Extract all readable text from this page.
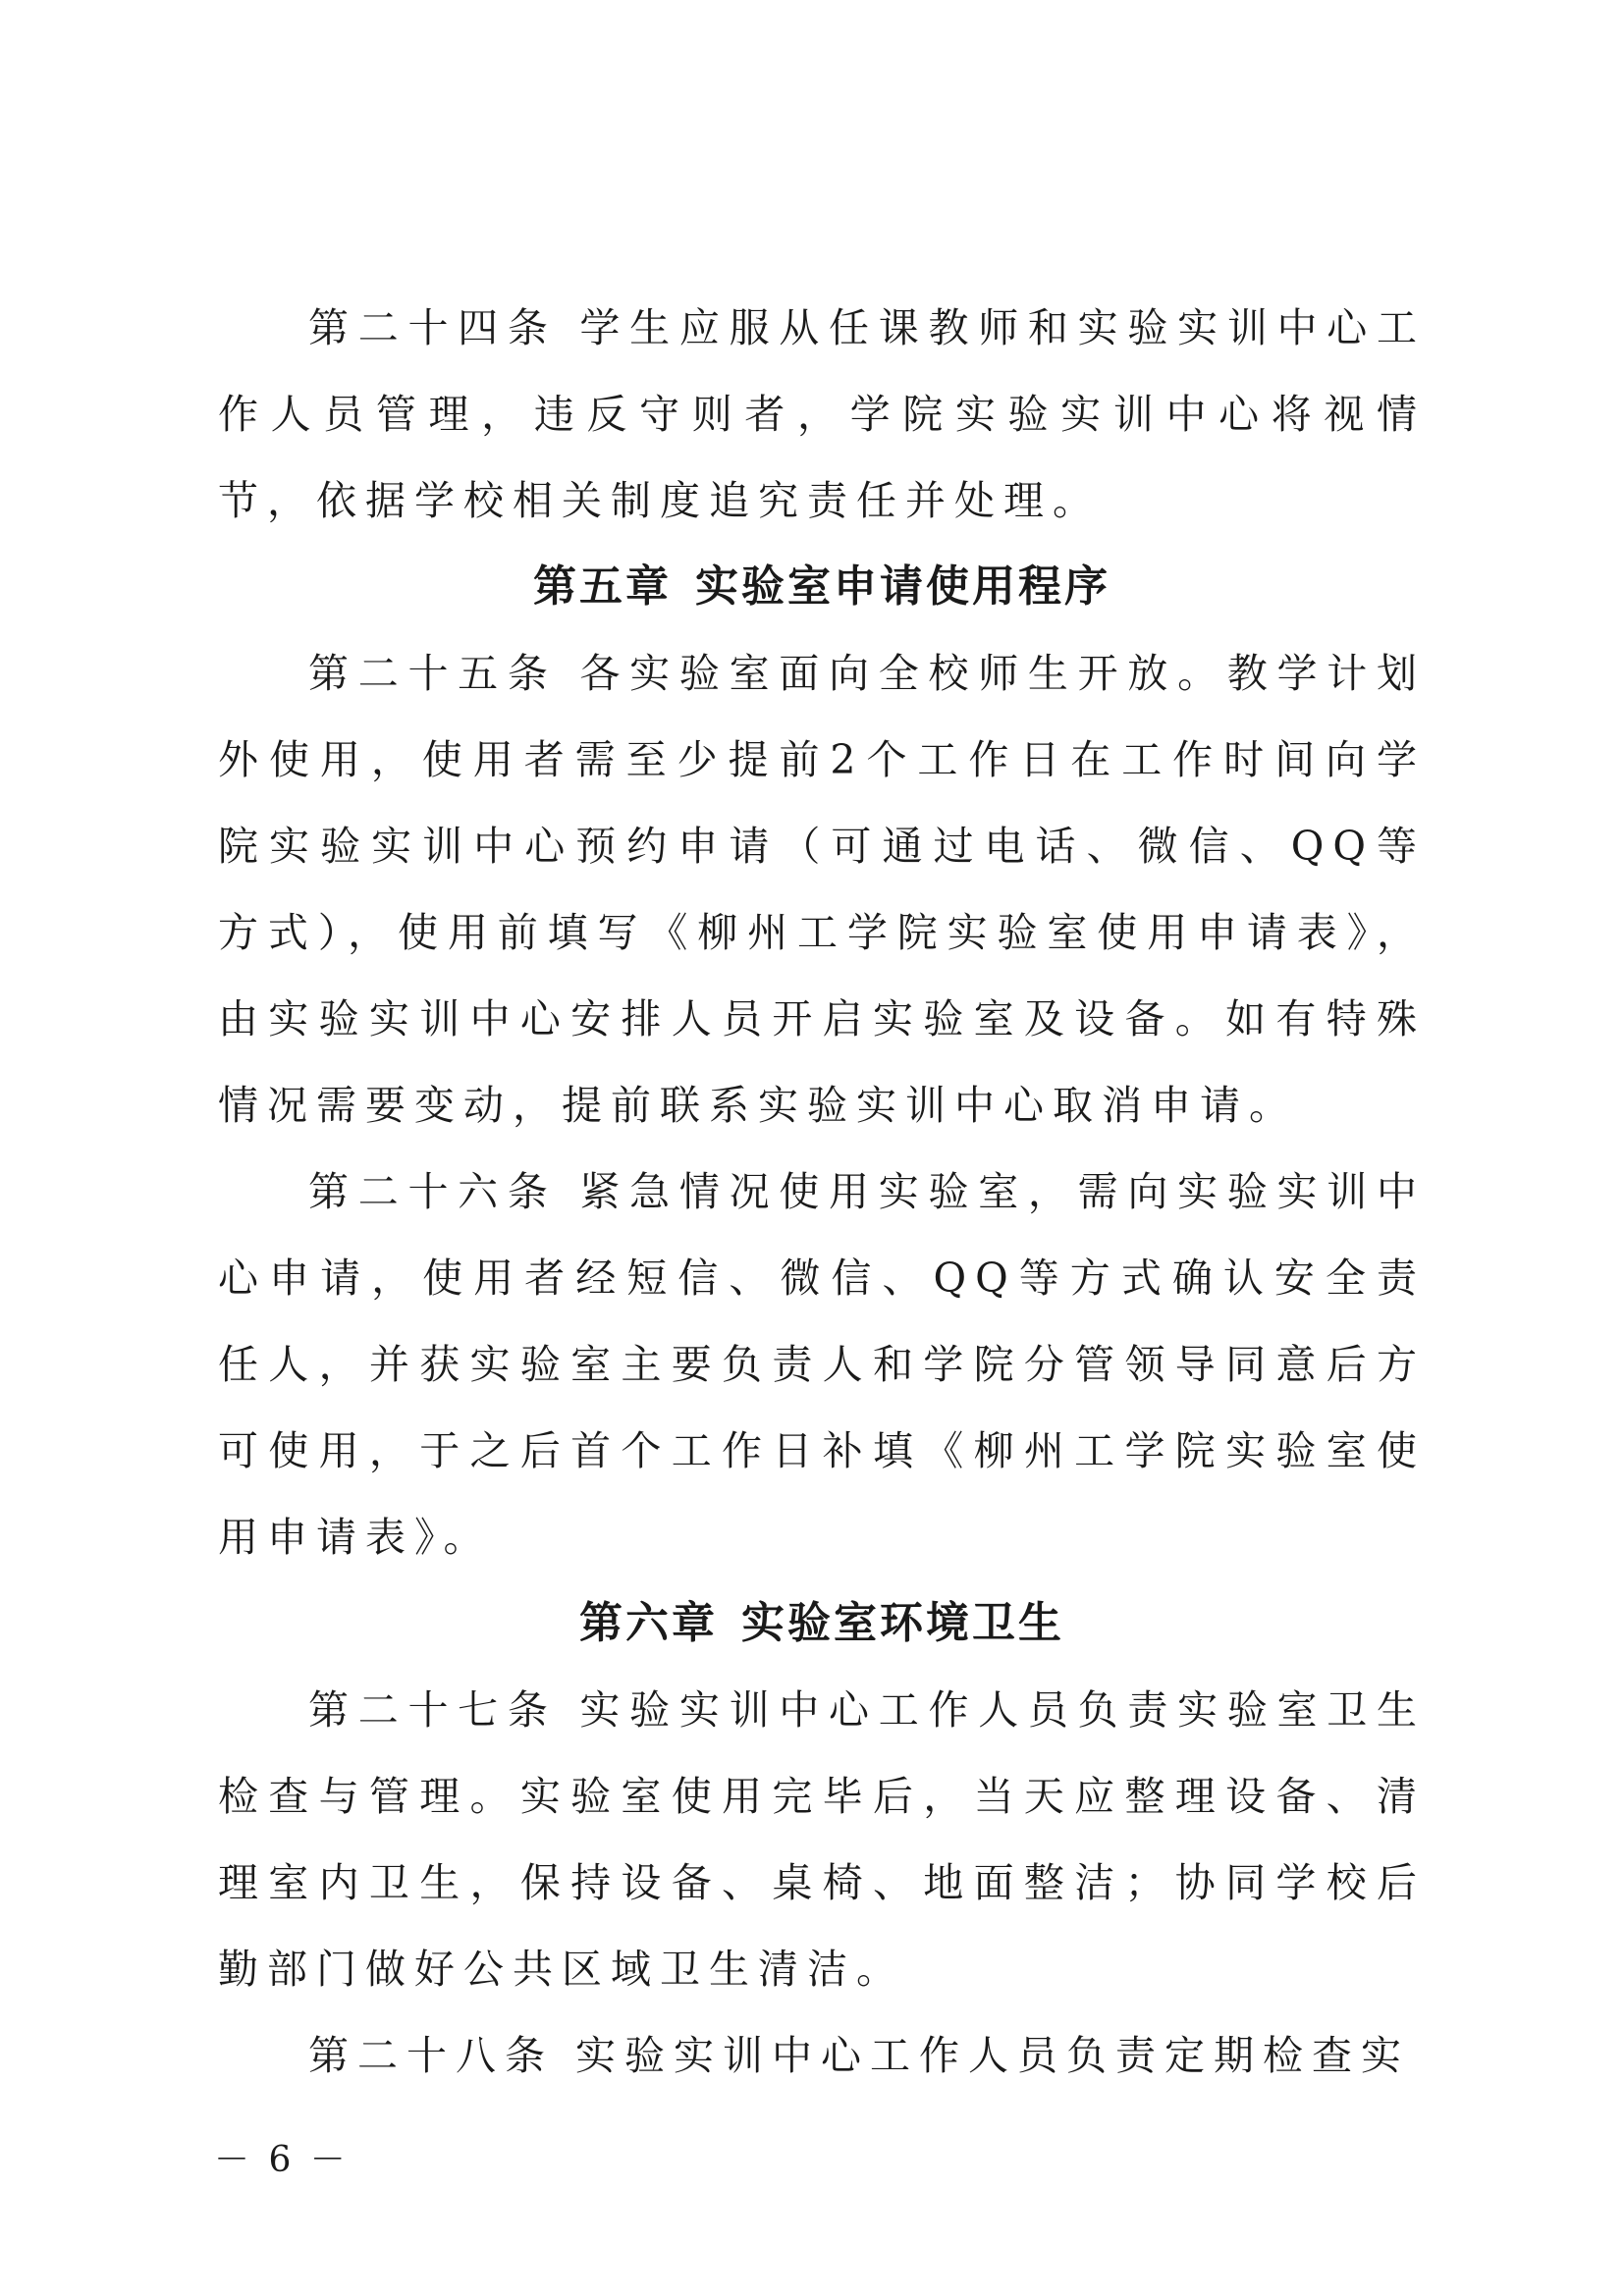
第二十四条 学生应服从任课教师和实验实训中心工作人员管理，违反守则者，学院实验实训中心将视情节，依据学校相关制度追究责任并处理。

第五章 实验室申请使用程序

第二十五条 各实验室面向全校师生开放。教学计划外使用，使用者需至少提前2个工作日在工作时间向学院实验实训中心预约申请（可通过电话、微信、QQ等方式），使用前填写《柳州工学院实验室使用申请表》，由实验实训中心安排人员开启实验室及设备。如有特殊情况需要变动，提前联系实验实训中心取消申请。

第二十六条 紧急情况使用实验室，需向实验实训中心申请，使用者经短信、微信、QQ等方式确认安全责任人，并获实验室主要负责人和学院分管领导同意后方可使用，于之后首个工作日补填《柳州工学院实验室使用申请表》。

第六章 实验室环境卫生

第二十七条 实验实训中心工作人员负责实验室卫生检查与管理。实验室使用完毕后，当天应整理设备、清理室内卫生，保持设备、桌椅、地面整洁；协同学校后勤部门做好公共区域卫生清洁。

第二十八条 实验实训中心工作人员负责定期检查实

－ 6 －
